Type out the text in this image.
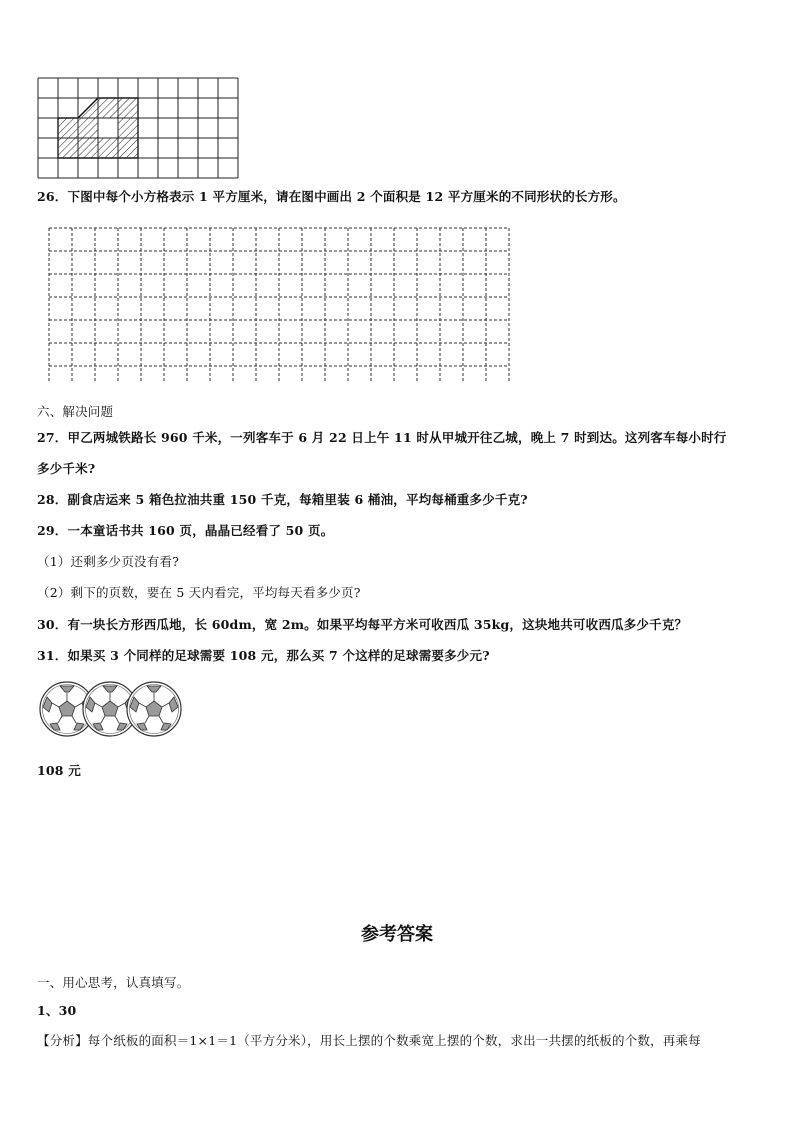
26．下图中每个小方格表示 1 平方厘米，请在图中画出 2 个面积是 12 平方厘米的不同形状的长方形。
六、解决问题
27．甲乙两城铁路长 960 千米，一列客车于 6 月 22 日上午 11 时从甲城开往乙城，晚上 7 时到达。这列客车每小时行
多少千米?
28．副食店运来 5 箱色拉油共重 150 千克，每箱里装 6 桶油，平均每桶重多少千克?
29．一本童话书共 160 页，晶晶已经看了 50 页。
（1）还剩多少页没有看?
（2）剩下的页数，要在 5 天内看完，平均每天看多少页?
30．有一块长方形西瓜地，长 60dm，宽 2m。如果平均每平方米可收西瓜 35kg，这块地共可收西瓜多少千克？
31．如果买 3 个同样的足球需要 108 元，那么买 7 个这样的足球需要多少元?
108 元
参考答案
一、用心思考，认真填写。
1、30
【分析】每个纸板的面积＝1×1＝1（平方分米），用长上摆的个数乘宽上摆的个数，求出一共摆的纸板的个数，再乘每
